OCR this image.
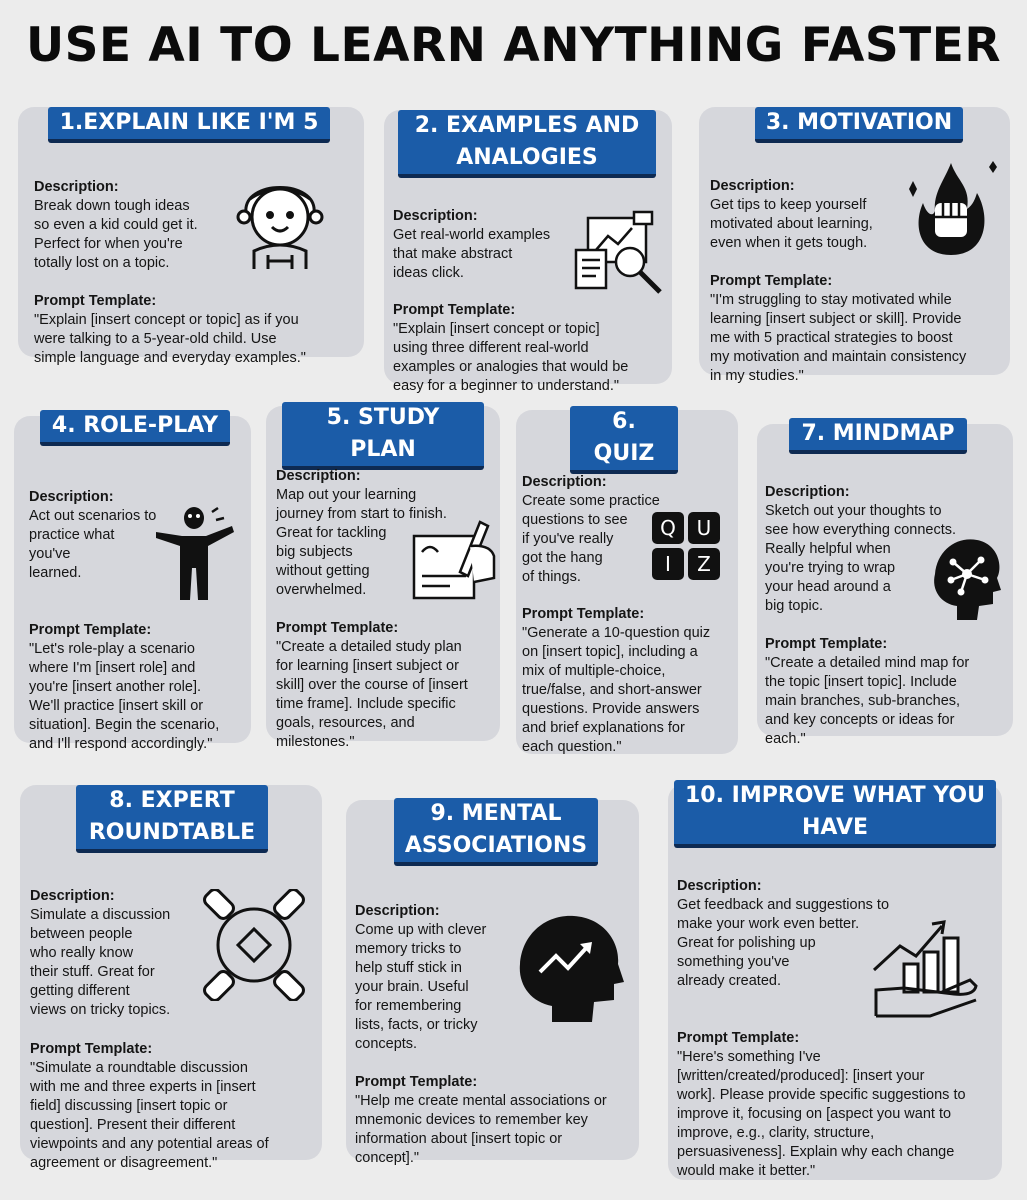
USE AI TO LEARN ANYTHING FASTER
1.EXPLAIN LIKE I'M 5

Description:
Break down tough ideas
so even a kid could get it.
Perfect for when you're
totally lost on a topic.

Prompt Template:
"Explain [insert concept or topic] as if you
were talking to a 5-year-old child. Use
simple language and everyday examples."

2. EXAMPLES AND
ANALOGIES

Description:
Get real-world examples
that make abstract
ideas click.

Prompt Template:
"Explain [insert concept or topic]
using three different real-world
examples or analogies that would be
easy for a beginner to understand."

3. MOTIVATION

Description:
Get tips to keep yourself
motivated about learning,
even when it gets tough.

Prompt Template:
"I'm struggling to stay motivated while
learning [insert subject or skill]. Provide
me with 5 practical strategies to boost
my motivation and maintain consistency
in my studies."

4. ROLE-PLAY

Description:
Act out scenarios to
practice what
you've
learned.

Prompt Template:
"Let's role-play a scenario
where I'm [insert role] and
you're [insert another role].
We'll practice [insert skill or
situation]. Begin the scenario,
and I'll respond accordingly."

5. STUDY PLAN

Description:
Map out your learning
journey from start to finish.
Great for tackling
big subjects
without getting
overwhelmed.

Prompt Template:
"Create a detailed study plan
for learning [insert subject or
skill] over the course of [insert
time frame]. Include specific
goals, resources, and
milestones."

6. QUIZ

Description:
Create some practice
questions to see
if you've really
got the hang
of things.

Q	U
I	Z

Prompt Template:
"Generate a 10-question quiz
on [insert topic], including a
mix of multiple-choice,
true/false, and short-answer
questions. Provide answers
and brief explanations for
each question."

7. MINDMAP

Description:
Sketch out your thoughts to
see how everything connects.
Really helpful when
you're trying to wrap
your head around a
big topic.

Prompt Template:
"Create a detailed mind map for
the topic [insert topic]. Include
main branches, sub-branches,
and key concepts or ideas for
each."

8. EXPERT
ROUNDTABLE

Description:
Simulate a discussion
between people
who really know
their stuff. Great for
getting different
views on tricky topics.

Prompt Template:
"Simulate a roundtable discussion
with me and three experts in [insert
field] discussing [insert topic or
question]. Present their different
viewpoints and any potential areas of
agreement or disagreement."

9. MENTAL
ASSOCIATIONS

Description:
Come up with clever
memory tricks to
help stuff stick in
your brain. Useful
for remembering
lists, facts, or tricky
concepts.

Prompt Template:
"Help me create mental associations or
mnemonic devices to remember key
information about [insert topic or
concept]."

10. IMPROVE WHAT YOU
HAVE

Description:
Get feedback and suggestions to
make your work even better.
Great for polishing up
something you've
already created.

Prompt Template:
"Here's something I've
[written/created/produced]: [insert your
work]. Please provide specific suggestions to
improve it, focusing on [aspect you want to
improve, e.g., clarity, structure,
persuasiveness]. Explain why each change
would make it better."
